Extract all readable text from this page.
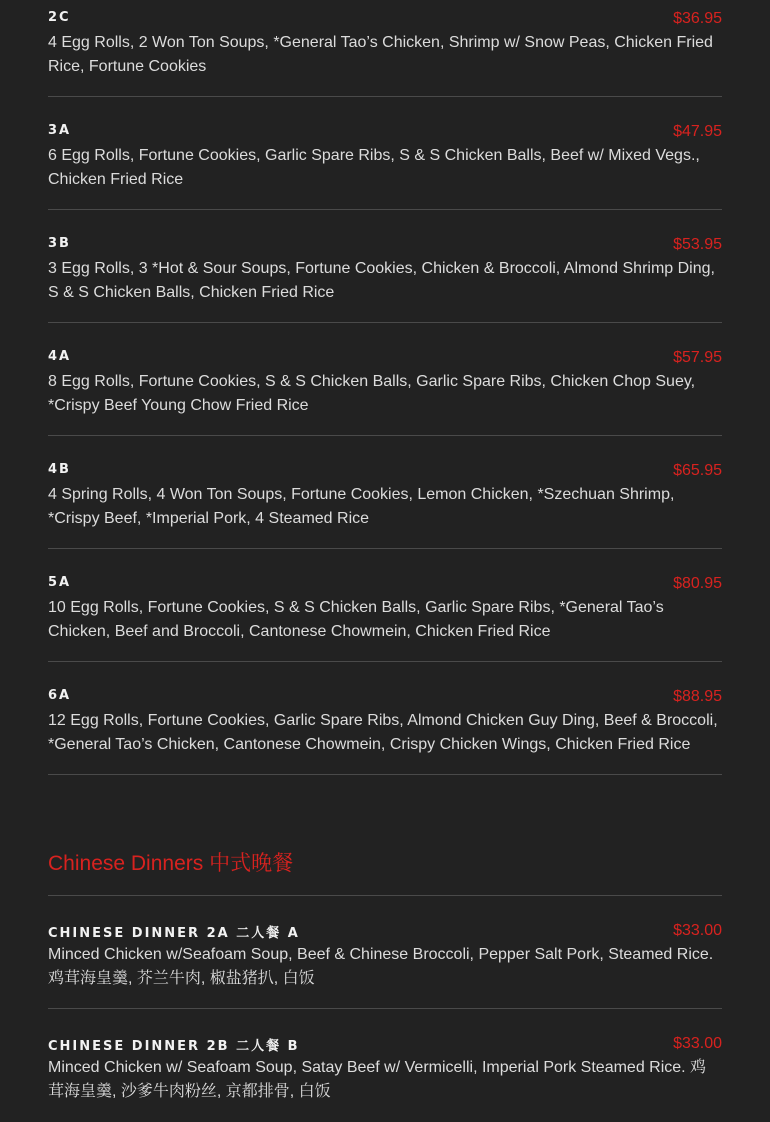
2C	$36.95
4 Egg Rolls, 2 Won Ton Soups, *General Tao’s Chicken, Shrimp w/ Snow Peas, Chicken Fried Rice, Fortune Cookies
3A	$47.95
6 Egg Rolls, Fortune Cookies, Garlic Spare Ribs, S & S Chicken Balls, Beef w/ Mixed Vegs., Chicken Fried Rice
3B	$53.95
3 Egg Rolls, 3 *Hot & Sour Soups, Fortune Cookies, Chicken & Broccoli, Almond Shrimp Ding, S & S Chicken Balls, Chicken Fried Rice
4A	$57.95
8 Egg Rolls, Fortune Cookies, S & S Chicken Balls, Garlic Spare Ribs, Chicken Chop Suey, *Crispy Beef Young Chow Fried Rice
4B	$65.95
4 Spring Rolls, 4 Won Ton Soups, Fortune Cookies, Lemon Chicken, *Szechuan Shrimp, *Crispy Beef, *Imperial Pork, 4 Steamed Rice
5A	$80.95
10 Egg Rolls, Fortune Cookies, S & S Chicken Balls, Garlic Spare Ribs, *General Tao’s Chicken, Beef and Broccoli, Cantonese Chowmein, Chicken Fried Rice
6A	$88.95
12 Egg Rolls, Fortune Cookies, Garlic Spare Ribs, Almond Chicken Guy Ding, Beef & Broccoli, *General Tao’s Chicken, Cantonese Chowmein, Crispy Chicken Wings, Chicken Fried Rice
Chinese Dinners 中式晚餐
CHINESE DINNER 2A 二人餐 A	$33.00
Minced Chicken w/Seafoam Soup, Beef & Chinese Broccoli, Pepper Salt Pork, Steamed Rice. 鸡茸海皇羹, 芥兰牛肉, 椒盐猪扒, 白饭
CHINESE DINNER 2B 二人餐 B	$33.00
Minced Chicken w/ Seafoam Soup, Satay Beef w/ Vermicelli, Imperial Pork Steamed Rice. 鸡茸海皇羹, 沙爹牛肉粉丝, 京都排骨, 白饭
